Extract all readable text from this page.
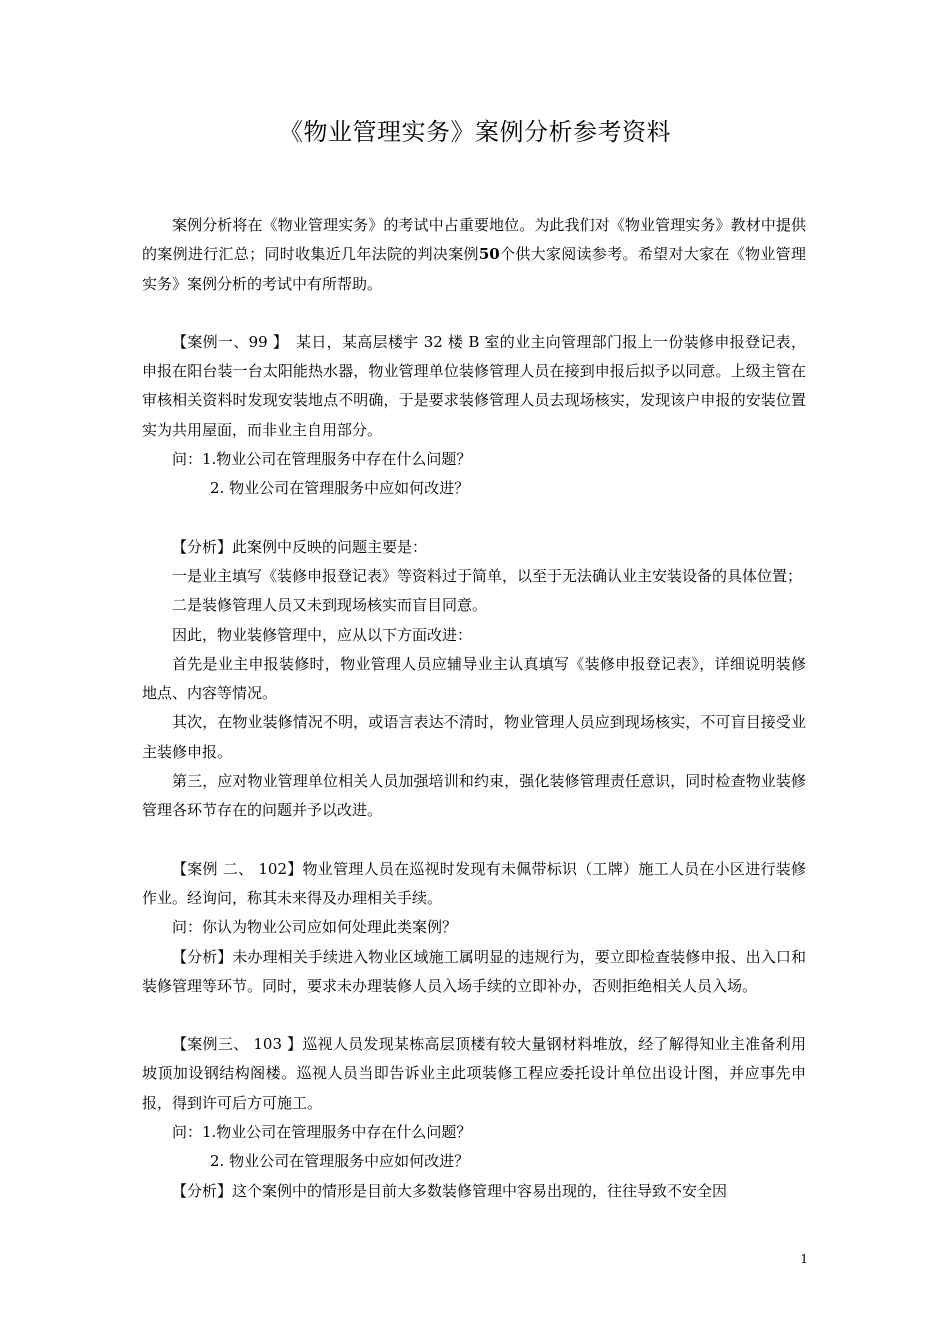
《物业管理实务》案例分析参考资料

案例分析将在《物业管理实务》的考试中占重要地位。为此我们对《物业管理实务》教材中提供的案例进行汇总；同时收集近几年法院的判决案例50个供大家阅读参考。希望对大家在《物业管理实务》案例分析的考试中有所帮助。

【案例一、99 】　某日，某高层楼宇 32 楼 B 室的业主向管理部门报上一份装修申报登记表，申报在阳台装一台太阳能热水器，物业管理单位装修管理人员在接到申报后拟予以同意。上级主管在审核相关资料时发现安装地点不明确，于是要求装修管理人员去现场核实，发现该户申报的安装位置实为共用屋面，而非业主自用部分。

问：1.物业公司在管理服务中存在什么问题？

2. 物业公司在管理服务中应如何改进？

【分析】此案例中反映的问题主要是：

一是业主填写《装修申报登记表》等资料过于简单，以至于无法确认业主安装设备的具体位置；

二是装修管理人员又未到现场核实而盲目同意。

因此，物业装修管理中，应从以下方面改进：

首先是业主申报装修时，物业管理人员应辅导业主认真填写《装修申报登记表》，详细说明装修地点、内容等情况。

其次，在物业装修情况不明，或语言表达不清时，物业管理人员应到现场核实，不可盲目接受业主装修申报。

第三，应对物业管理单位相关人员加强培训和约束，强化装修管理责任意识，同时检查物业装修管理各环节存在的问题并予以改进。

【案例 二、 102】物业管理人员在巡视时发现有未佩带标识（工牌）施工人员在小区进行装修作业。经询问，称其未来得及办理相关手续。

问：你认为物业公司应如何处理此类案例？

【分析】未办理相关手续进入物业区域施工属明显的违规行为，要立即检查装修申报、出入口和装修管理等环节。同时，要求未办理装修人员入场手续的立即补办，否则拒绝相关人员入场。

【案例三、 103 】巡视人员发现某栋高层顶楼有较大量钢材料堆放，经了解得知业主准备利用坡顶加设钢结构阁楼。巡视人员当即告诉业主此项装修工程应委托设计单位出设计图，并应事先申报，得到许可后方可施工。

问：1.物业公司在管理服务中存在什么问题？

2. 物业公司在管理服务中应如何改进？

【分析】这个案例中的情形是目前大多数装修管理中容易出现的，往往导致不安全因

1
